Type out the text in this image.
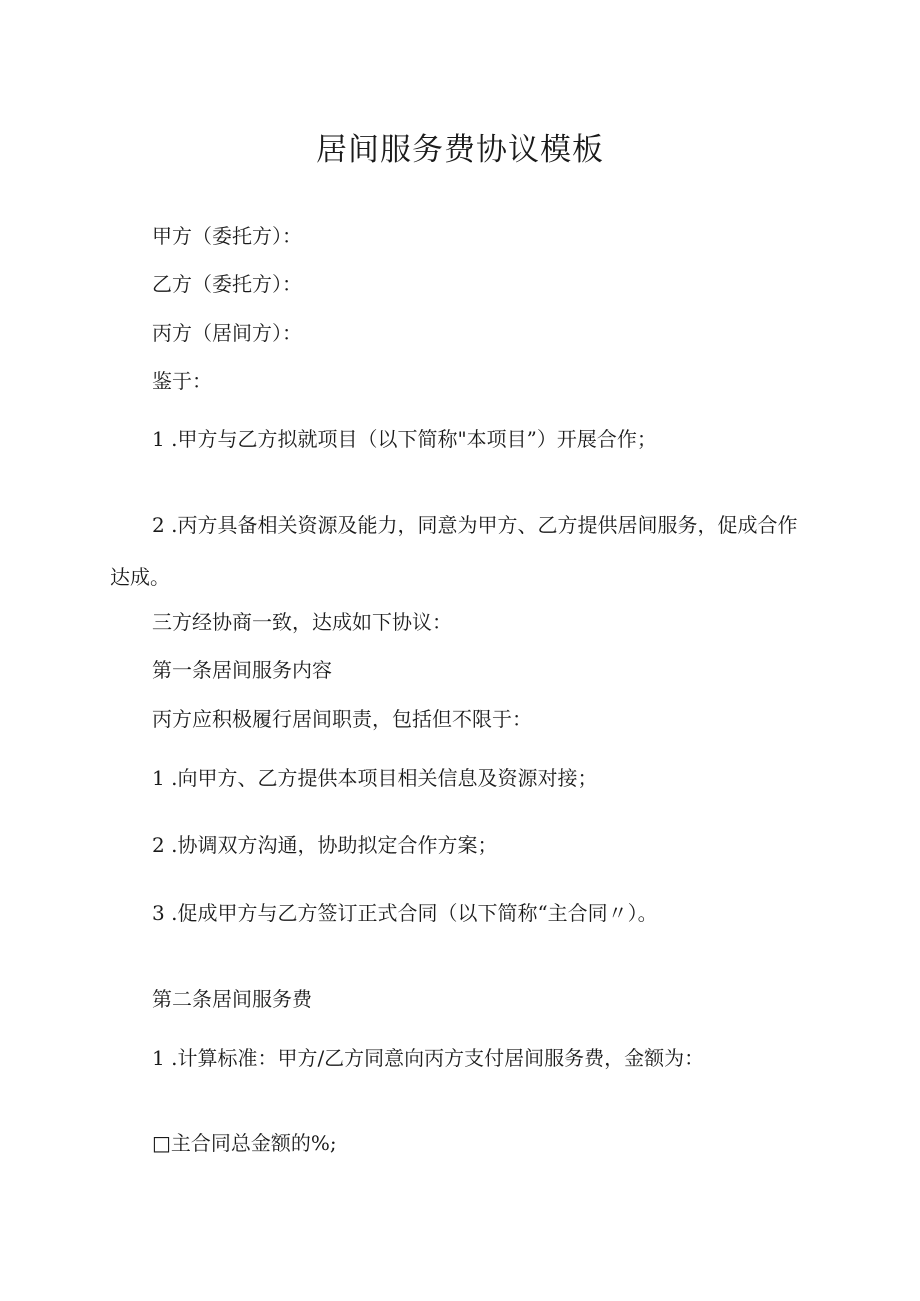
居间服务费协议模板
甲方（委托方）：
乙方（委托方）：
丙方（居间方）：
鉴于：
1 .甲方与乙方拟就项目（以下简称"本项目”）开展合作；
2 .丙方具备相关资源及能力，同意为甲方、乙方提供居间服务，促成合作达成。
三方经协商一致，达成如下协议：
第一条居间服务内容
丙方应积极履行居间职责，包括但不限于：
1 .向甲方、乙方提供本项目相关信息及资源对接；
2 .协调双方沟通，协助拟定合作方案；
3 .促成甲方与乙方签订正式合同（以下简称“主合同〃）。
第二条居间服务费
1 .计算标准：甲方/乙方同意向丙方支付居间服务费，金额为：
□主合同总金额的%;
